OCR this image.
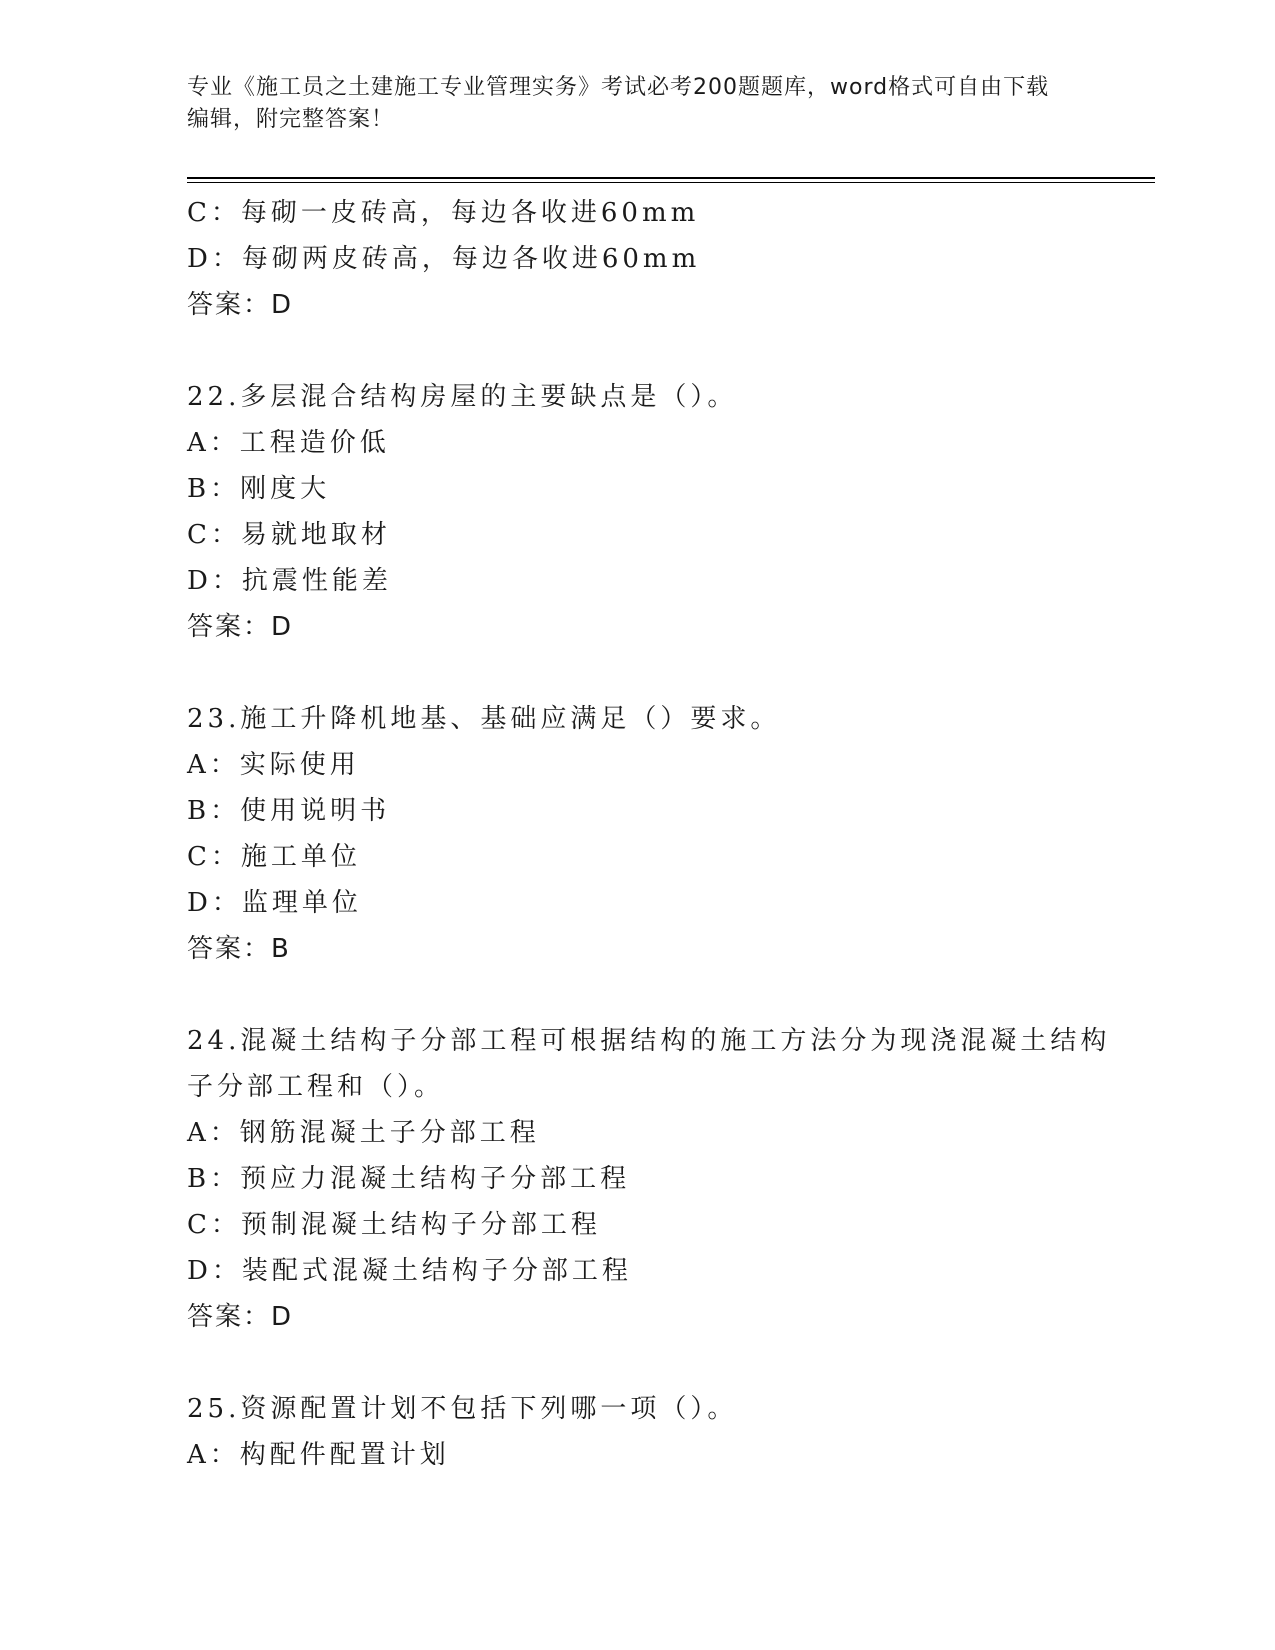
专业《施工员之土建施工专业管理实务》考试必考200题题库，word格式可自由下载编辑，附完整答案！
C：每砌一皮砖高，每边各收进60mm
D：每砌两皮砖高，每边各收进60mm
答案：D
22.多层混合结构房屋的主要缺点是（）。
A：工程造价低
B：刚度大
C：易就地取材
D：抗震性能差
答案：D
23.施工升降机地基、基础应满足（）要求。
A：实际使用
B：使用说明书
C：施工单位
D：监理单位
答案：B
24.混凝土结构子分部工程可根据结构的施工方法分为现浇混凝土结构
子分部工程和（）。
A：钢筋混凝土子分部工程
B：预应力混凝土结构子分部工程
C：预制混凝土结构子分部工程
D：装配式混凝土结构子分部工程
答案：D
25.资源配置计划不包括下列哪一项（）。
A：构配件配置计划
